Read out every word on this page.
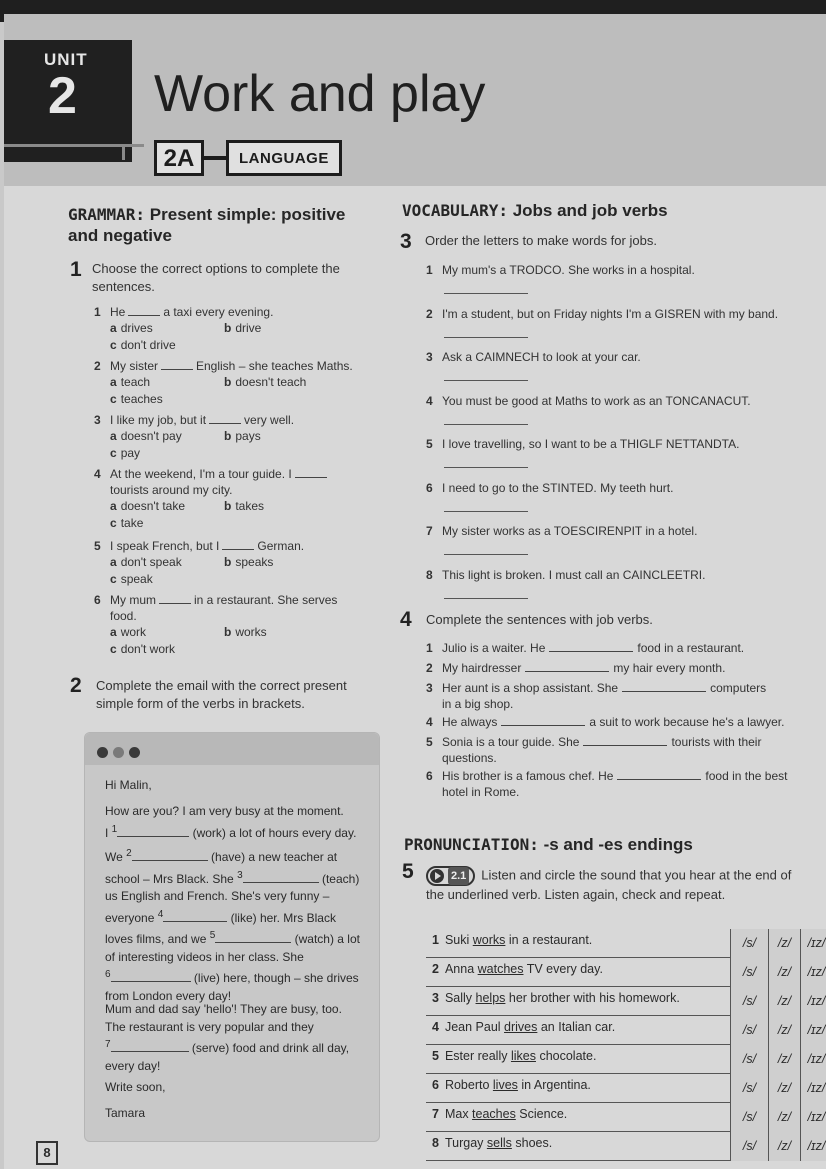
UNIT
2 Work and play
2A	LANGUAGE
GRAMMAR: Present simple: positive and negative
1 Choose the correct options to complete the sentences.
1 He	a taxi every evening.
a drives	b drive
c don't drive
2 My sister	English – she teaches Maths.
a teach	b doesn't teach
c teaches
3 I like my job, but it	very well.
a doesn't pay	b pays
c pay
4 At the weekend, I'm a tour guide. I
tourists around my city.
a doesn't take	b takes
c take
5 I speak French, but I	German.
a don't speak	b speaks
c speak
6 My mum	in a restaurant. She serves
food.
a work	b works
c don't work
2 Complete the email with the correct present simple form of the verbs in brackets.
Hi Malin,
How are you? I am very busy at the moment.
I $^1$	(work) a lot of hours every day.
We $^2$	(have) a new teacher at
school – Mrs Black. She $^3$	(teach)
us English and French. She's very funny –
everyone $^4$	(like) her. Mrs Black
loves films, and we $^5$	(watch) a lot
of interesting videos in her class. She
$^6$	(live) here, though – she drives
from London every day!
Mum and dad say 'hello'! They are busy, too.
The restaurant is very popular and they
$^7$	(serve) food and drink all day,
every day!
Write soon,
Tamara
VOCABULARY: Jobs and job verbs
3 Order the letters to make words for jobs.
1 My mum's a TRODCO. She works in a hospital.
2 I'm a student, but on Friday nights I'm a GISREN with my band.
3 Ask a CAIMNECH to look at your car.
4 You must be good at Maths to work as an TONCANACUT.
5 I love travelling, so I want to be a THIGLF NETTANDTA.
6 I need to go to the STINTED. My teeth hurt.
7 My sister works as a TOESCIRENPIT in a hotel.
8 This light is broken. I must call an CAINCLEETRI.
4 Complete the sentences with job verbs.
1 Julio is a waiter. He	food in a restaurant.
2 My hairdresser	my hair every month.
3 Her aunt is a shop assistant. She	computers
in a big shop.
4 He always	a suit to work because he's a lawyer.
5 Sonia is a tour guide. She	tourists with their
questions.
6 His brother is a famous chef. He	food in the best
hotel in Rome.
PRONUNCIATION: -s and -es endings
5	2.1 Listen and circle the sound that you hear at the end of
the underlined verb. Listen again, check and repeat.
1 Suki works in a restaurant.	/s/	/z/	/ɪz/
2 Anna watches TV every day.	/s/	/z/	/ɪz/
3 Sally helps her brother with his homework.	/s/	/z/	/ɪz/
4 Jean Paul drives an Italian car.	/s/	/z/	/ɪz/
5 Ester really likes chocolate.	/s/	/z/	/ɪz/
6 Roberto lives in Argentina.	/s/	/z/	/ɪz/
7 Max teaches Science.	/s/	/z/	/ɪz/
8 Turgay sells shoes.	/s/	/z/	/ɪz/
8
